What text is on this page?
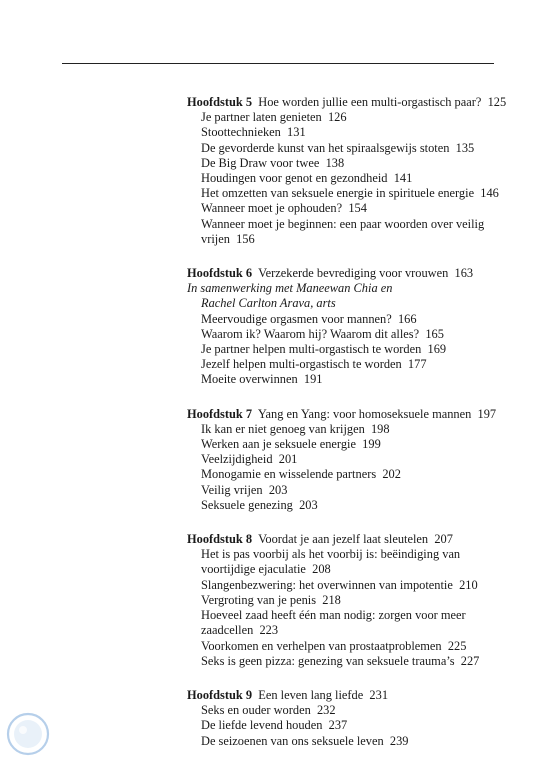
Hoofdstuk 5 Hoe worden jullie een multi-orgastisch paar? 125
Je partner laten genieten 126
Stoottechnieken 131
De gevorderde kunst van het spiraalsgewijs stoten 135
De Big Draw voor twee 138
Houdingen voor genot en gezondheid 141
Het omzetten van seksuele energie in spirituele energie 146
Wanneer moet je ophouden? 154
Wanneer moet je beginnen: een paar woorden over veilig vrijen 156
Hoofdstuk 6 Verzekerde bevrediging voor vrouwen 163
In samenwerking met Maneewan Chia en
Rachel Carlton Arava, arts
Meervoudige orgasmen voor mannen? 166
Waarom ik? Waarom hij? Waarom dit alles? 165
Je partner helpen multi-orgastisch te worden 169
Jezelf helpen multi-orgastisch te worden 177
Moeite overwinnen 191
Hoofdstuk 7 Yang en Yang: voor homoseksuele mannen 197
Ik kan er niet genoeg van krijgen 198
Werken aan je seksuele energie 199
Veelzijdigheid 201
Monogamie en wisselende partners 202
Veilig vrijen 203
Seksuele genezing 203
Hoofdstuk 8 Voordat je aan jezelf laat sleutelen 207
Het is pas voorbij als het voorbij is: beëindiging van voortijdige ejaculatie 208
Slangenbezwering: het overwinnen van impotentie 210
Vergroting van je penis 218
Hoeveel zaad heeft één man nodig: zorgen voor meer zaadcellen 223
Voorkomen en verhelpen van prostaatproblemen 225
Seks is geen pizza: genezing van seksuele trauma’s 227
Hoofdstuk 9 Een leven lang liefde 231
Seks en ouder worden 232
De liefde levend houden 237
De seizoenen van ons seksuele leven 239
